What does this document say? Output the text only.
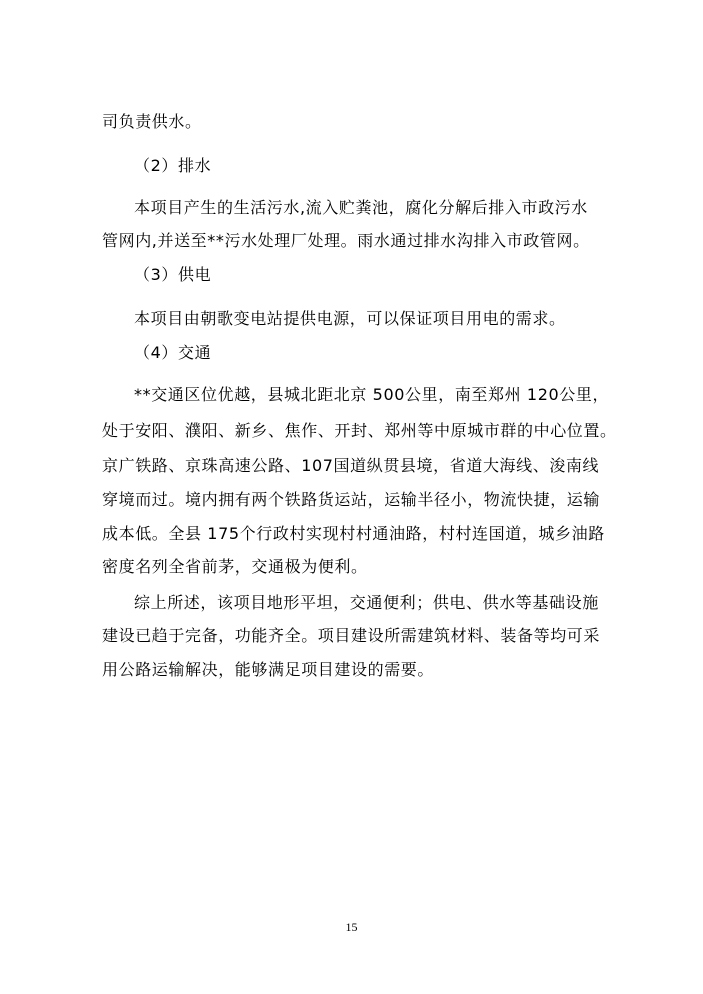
司负责供水。
（2）排水
本项目产生的生活污水,流入贮粪池，腐化分解后排入市政污水
管网内,并送至**污水处理厂处理。雨水通过排水沟排入市政管网。
（3）供电
本项目由朝歌变电站提供电源，可以保证项目用电的需求。
（4）交通
**交通区位优越，县城北距北京 500公里，南至郑州 120公里，
处于安阳、濮阳、新乡、焦作、开封、郑州等中原城市群的中心位置。
京广铁路、京珠高速公路、107国道纵贯县境，省道大海线、浚南线
穿境而过。境内拥有两个铁路货运站，运输半径小，物流快捷，运输
成本低。全县 175个行政村实现村村通油路，村村连国道，城乡油路
密度名列全省前茅，交通极为便利。
综上所述，该项目地形平坦，交通便利；供电、供水等基础设施
建设已趋于完备，功能齐全。项目建设所需建筑材料、装备等均可采
用公路运输解决，能够满足项目建设的需要。
15
